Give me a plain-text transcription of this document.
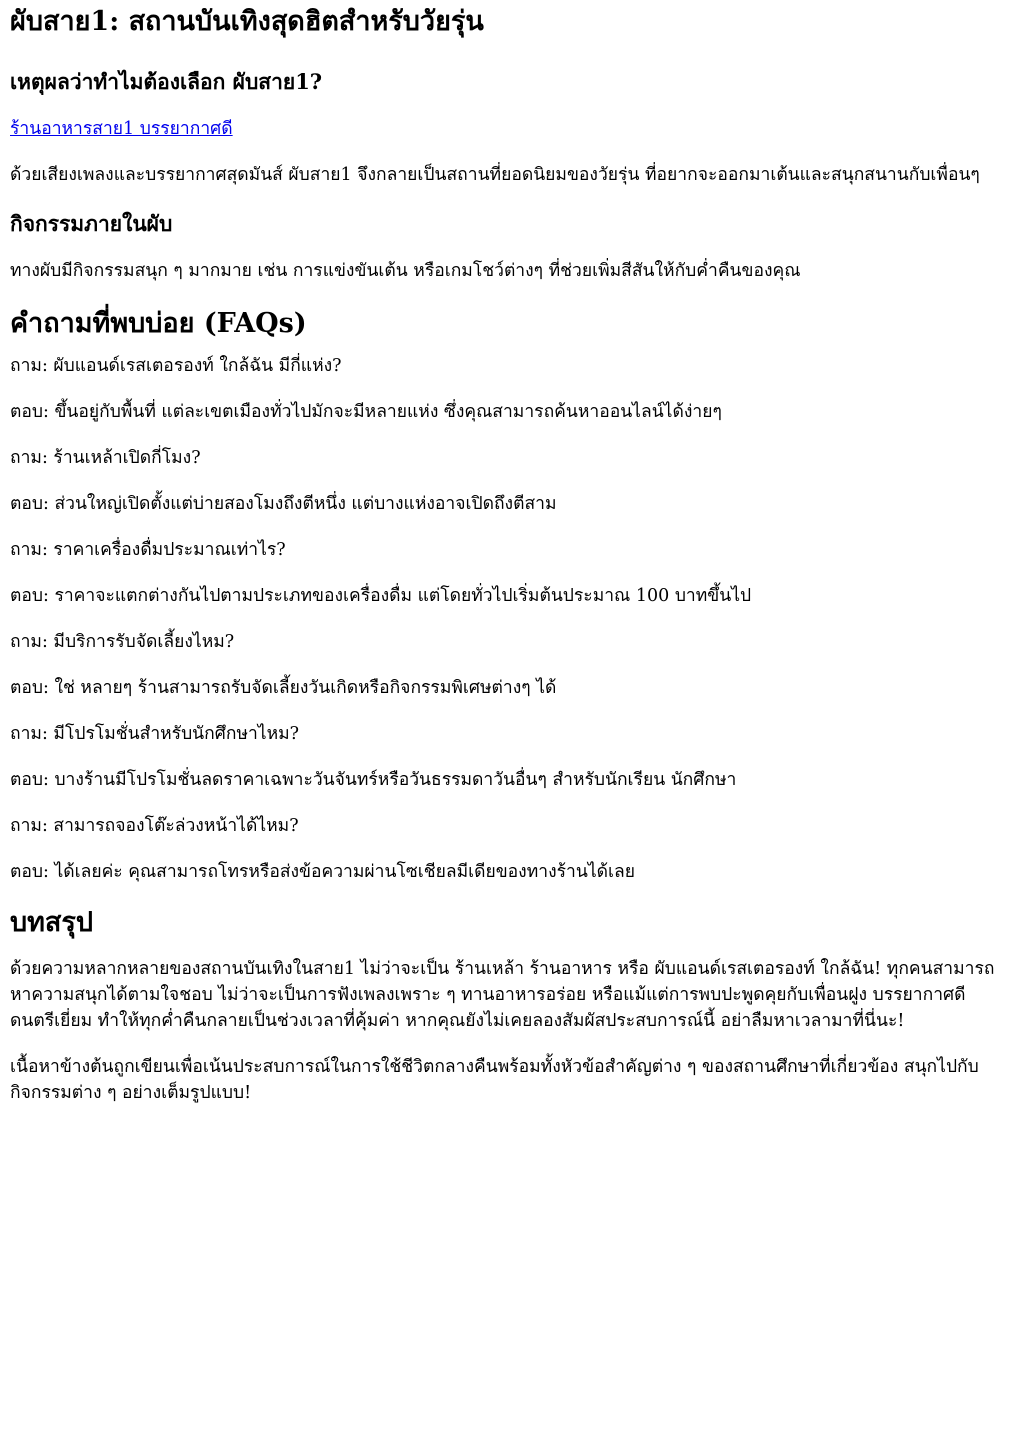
ผับสาย1: สถานบันเทิงสุดฮิตสำหรับวัยรุ่น
เหตุผลว่าทำไมต้องเลือก ผับสาย1?

ร้านอาหารสาย1 บรรยากาศดี

ด้วยเสียงเพลงและบรรยากาศสุดมันส์ ผับสาย1 จึงกลายเป็นสถานที่ยอดนิยมของวัยรุ่น ที่อยากจะออกมาเต้นและสนุกสนานกับเพื่อนๆ

กิจกรรมภายในผับ

ทางผับมีกิจกรรมสนุก ๆ มากมาย เช่น การแข่งขันเต้น หรือเกมโชว์ต่างๆ ที่ช่วยเพิ่มสีสันให้กับค่ำคืนของคุณ

คำถามที่พบบ่อย (FAQs)

ถาม: ผับแอนด์เรสเตอรองท์ ใกล้ฉัน มีกี่แห่ง?

ตอบ: ขึ้นอยู่กับพื้นที่ แต่ละเขตเมืองทั่วไปมักจะมีหลายแห่ง ซึ่งคุณสามารถค้นหาออนไลน์ได้ง่ายๆ

ถาม: ร้านเหล้าเปิดกี่โมง?

ตอบ: ส่วนใหญ่เปิดตั้งแต่บ่ายสองโมงถึงตีหนึ่ง แต่บางแห่งอาจเปิดถึงตีสาม

ถาม: ราคาเครื่องดื่มประมาณเท่าไร?

ตอบ: ราคาจะแตกต่างกันไปตามประเภทของเครื่องดื่ม แต่โดยทั่วไปเริ่มต้นประมาณ 100 บาทขึ้นไป

ถาม: มีบริการรับจัดเลี้ยงไหม?

ตอบ: ใช่ หลายๆ ร้านสามารถรับจัดเลี้ยงวันเกิดหรือกิจกรรมพิเศษต่างๆ ได้

ถาม: มีโปรโมชั่นสำหรับนักศึกษาไหม?

ตอบ: บางร้านมีโปรโมชั่นลดราคาเฉพาะวันจันทร์หรือวันธรรมดาวันอื่นๆ สำหรับนักเรียน นักศึกษา

ถาม: สามารถจองโต๊ะล่วงหน้าได้ไหม?

ตอบ: ได้เลยค่ะ คุณสามารถโทรหรือส่งข้อความผ่านโซเชียลมีเดียของทางร้านได้เลย

บทสรุป

ด้วยความหลากหลายของสถานบันเทิงในสาย1 ไม่ว่าจะเป็น ร้านเหล้า ร้านอาหาร หรือ ผับแอนด์เรสเตอรองท์ ใกล้ฉัน! ทุกคนสามารถหาความสนุกได้ตามใจชอบ ไม่ว่าจะเป็นการฟังเพลงเพราะ ๆ ทานอาหารอร่อย หรือแม้แต่การพบปะพูดคุยกับเพื่อนฝูง บรรยากาศดี ดนตรีเยี่ยม ทำให้ทุกค่ำคืนกลายเป็นช่วงเวลาที่คุ้มค่า หากคุณยังไม่เคยลองสัมผัสประสบการณ์นี้ อย่าลืมหาเวลามาที่นี่นะ!

เนื้อหาข้างต้นถูกเขียนเพื่อเน้นประสบการณ์ในการใช้ชีวิตกลางคืนพร้อมทั้งหัวข้อสำคัญต่าง ๆ ของสถานศึกษาที่เกี่ยวข้อง สนุกไปกับกิจกรรมต่าง ๆ อย่างเต็มรูปแบบ!
